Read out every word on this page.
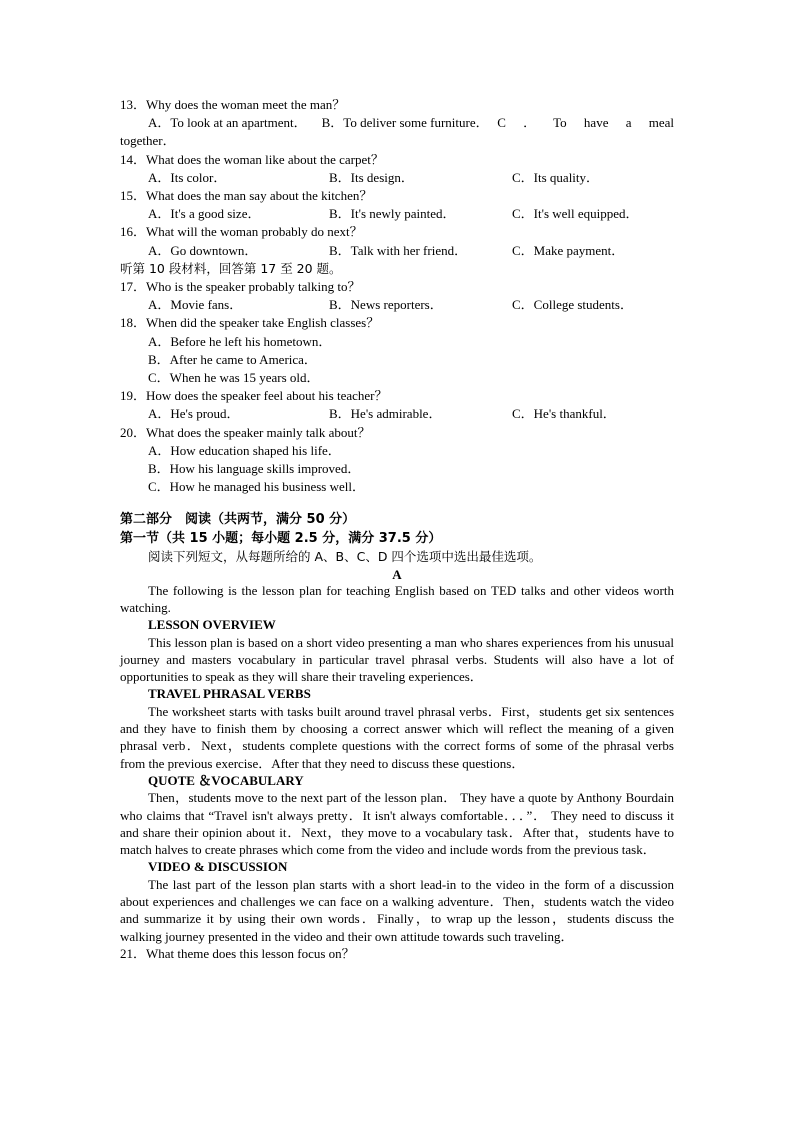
13．Why does the woman meet the man？
A．To look at an apartment．	B．To deliver some furniture． C ． To have a meal
together．
14．What does the woman like about the carpet？
A．Its color．	B．Its design．	C．Its quality．
15．What does the man say about the kitchen？
A．It's a good size．	B．It's newly painted．	C．It's well equipped．
16．What will the woman probably do next？
A．Go downtown．	B．Talk with her friend．	C．Make payment．
听第 10 段材料，回答第 17 至 20 题。
17．Who is the speaker probably talking to？
A．Movie fans．	B．News reporters．	C．College students．
18．When did the speaker take English classes？
A．Before he left his hometown．
B．After he came to America．
C．When he was 15 years old．
19．How does the speaker feel about his teacher？
A．He's proud．	B．He's admirable．	C．He's thankful．
20．What does the speaker mainly talk about？
A．How education shaped his life．
B．How his language skills improved．
C．How he managed his business well．
第二部分　阅读（共两节，满分 50 分）
第一节（共 15 小题；每小题 2.5 分，满分 37.5 分）
阅读下列短文，从每题所给的 A、B、C、D 四个选项中选出最佳选项。
A
The following is the lesson plan for teaching English based on TED talks and other videos worth watching.
LESSON OVERVIEW
This lesson plan is based on a short video presenting a man who shares experiences from his unusual journey and masters vocabulary in particular travel phrasal verbs. Students will also have a lot of opportunities to speak as they will share their traveling experiences．
TRAVEL PHRASAL VERBS
The worksheet starts with tasks built around travel phrasal verbs．First，students get six sentences and they have to finish them by choosing a correct answer which will reflect the meaning of a given phrasal verb．Next，students complete questions with the correct forms of some of the phrasal verbs from the previous exercise．After that they need to discuss these questions．
QUOTE ＆VOCABULARY
Then，students move to the next part of the lesson plan． They have a quote by Anthony Bourdain who claims that “Travel isn't always pretty．It isn't always comfortable．．．”． They need to discuss it and share their opinion about it．Next，they move to a vocabulary task．After that，students have to match halves to create phrases which come from the video and include words from the previous task．
VIDEO & DISCUSSION
The last part of the lesson plan starts with a short lead-in to the video in the form of a discussion about experiences and challenges we can face on a walking adventure．Then，students watch the video and summarize it by using their own words．Finally，to wrap up the lesson，students discuss the walking journey presented in the video and their own attitude towards such traveling．
21．What theme does this lesson focus on？
